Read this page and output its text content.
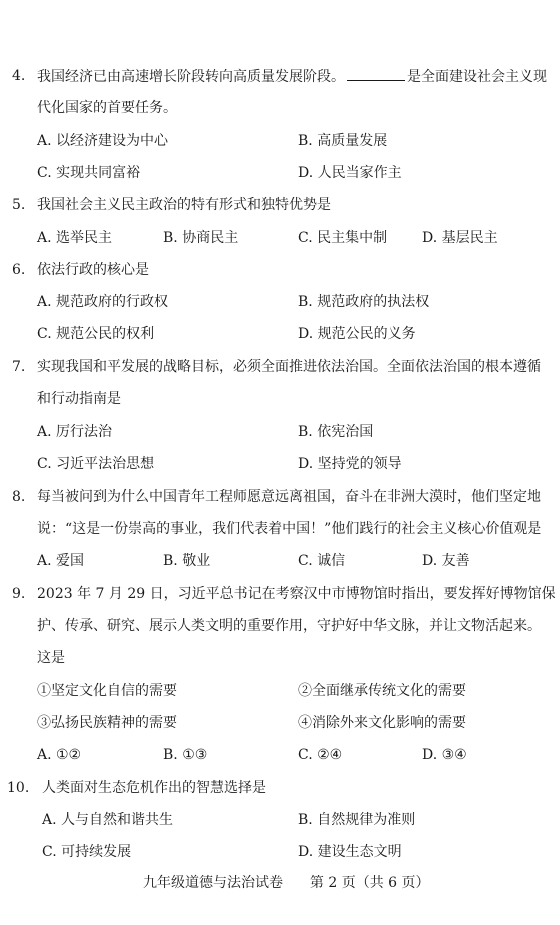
4. 我国经济已由高速增长阶段转向高质量发展阶段。	是全面建设社会主义现
代化国家的首要任务。
A. 以经济建设为中心	B. 高质量发展
C. 实现共同富裕	D. 人民当家作主
5. 我国社会主义民主政治的特有形式和独特优势是
A. 选举民主	B. 协商民主	C. 民主集中制 D. 基层民主
6. 依法行政的核心是
A. 规范政府的行政权	B. 规范政府的执法权
C. 规范公民的权利	D. 规范公民的义务
7. 实现我国和平发展的战略目标，必须全面推进依法治国。全面依法治国的根本遵循
和行动指南是
A. 厉行法治	B. 依宪治国
C. 习近平法治思想	D. 坚持党的领导
8. 每当被问到为什么中国青年工程师愿意远离祖国，奋斗在非洲大漠时，他们坚定地
说：“这是一份崇高的事业，我们代表着中国！”他们践行的社会主义核心价值观是
A. 爱国	B. 敬业	C. 诚信	D. 友善
9. 2023 年 7 月 29 日，习近平总书记在考察汉中市博物馆时指出，要发挥好博物馆保
护、传承、研究、展示人类文明的重要作用，守护好中华文脉，并让文物活起来。
这是
①坚定文化自信的需要	②全面继承传统文化的需要
③弘扬民族精神的需要	④消除外来文化影响的需要
A. ①②	B. ①③	C. ②④	D. ③④
10. 人类面对生态危机作出的智慧选择是
A. 人与自然和谐共生	B. 自然规律为准则
C. 可持续发展	D. 建设生态文明
九年级道德与法治试卷 第 2 页（共 6 页）
